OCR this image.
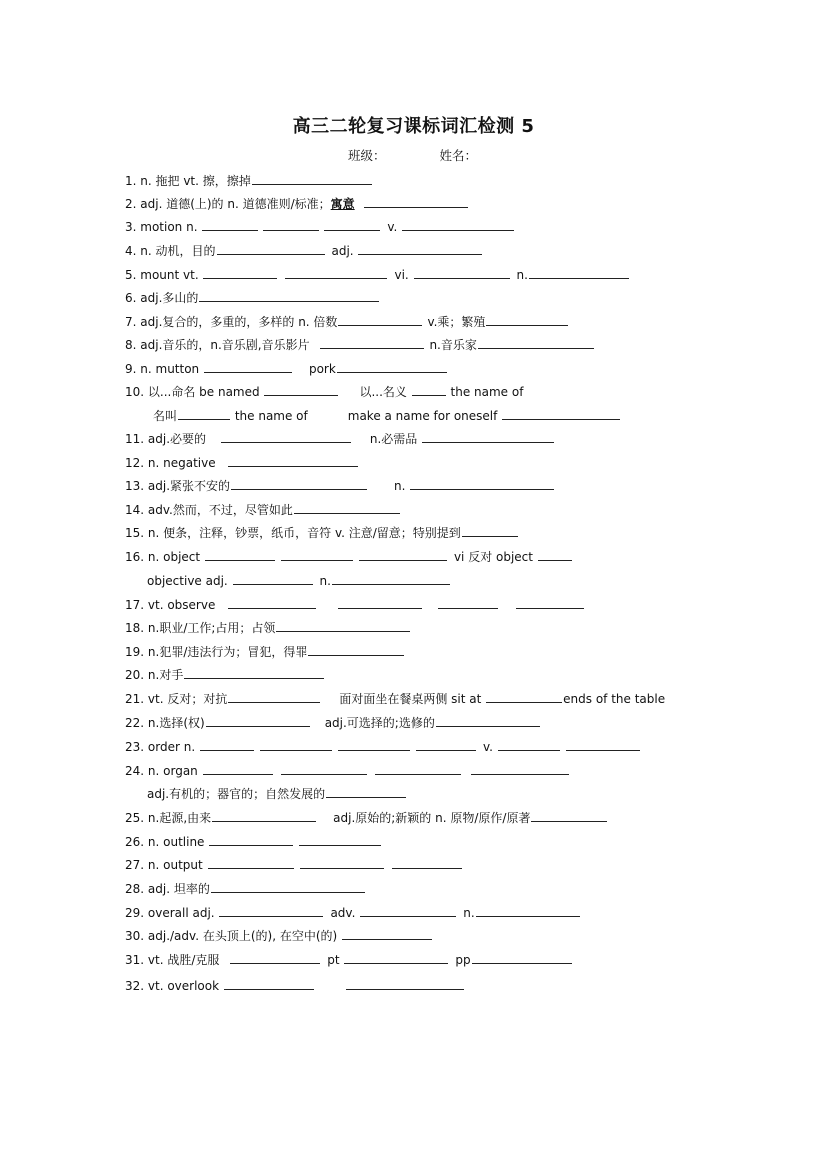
高三二轮复习课标词汇检测 5
班级：	姓名：
1. n. 拖把 vt. 擦，擦掉
2. adj. 道德(上)的 n. 道德准则/标准；寓意
3. motion n.	v.
4. n. 动机，目的	adj.
5. mount vt.	vi.	n.
6. adj.多山的
7. adj.复合的，多重的，多样的 n. 倍数	v.乘；繁殖
8. adj.音乐的，n.音乐剧,音乐影片	n.音乐家
9. n. mutton	pork
10. 以...命名 be named	以...名义	the name of
名叫	the name of	make a name for oneself
11. adj.必要的	n.必需品
12. n. negative
13. adj.紧张不安的	n.
14. adv.然而，不过，尽管如此
15. n. 便条，注释，钞票，纸币，音符 v. 注意/留意；特别提到
16. n. object	vi 反对 object
objective adj.	n.
17. vt. observe
18. n.职业/工作;占用；占领
19. n.犯罪/违法行为；冒犯，得罪
20. n.对手
21. vt. 反对；对抗	面对面坐在餐桌两侧 sit at	ends of the table
22. n.选择(权)	adj.可选择的;选修的
23. order n.	v.
24. n. organ
adj.有机的；器官的；自然发展的
25. n.起源,由来	adj.原始的;新颖的 n. 原物/原作/原著
26. n. outline
27. n. output
28. adj. 坦率的
29. overall adj.	adv.	n.
30. adj./adv. 在头顶上(的), 在空中(的)
31. vt. 战胜/克服	pt	pp
32. vt. overlook
